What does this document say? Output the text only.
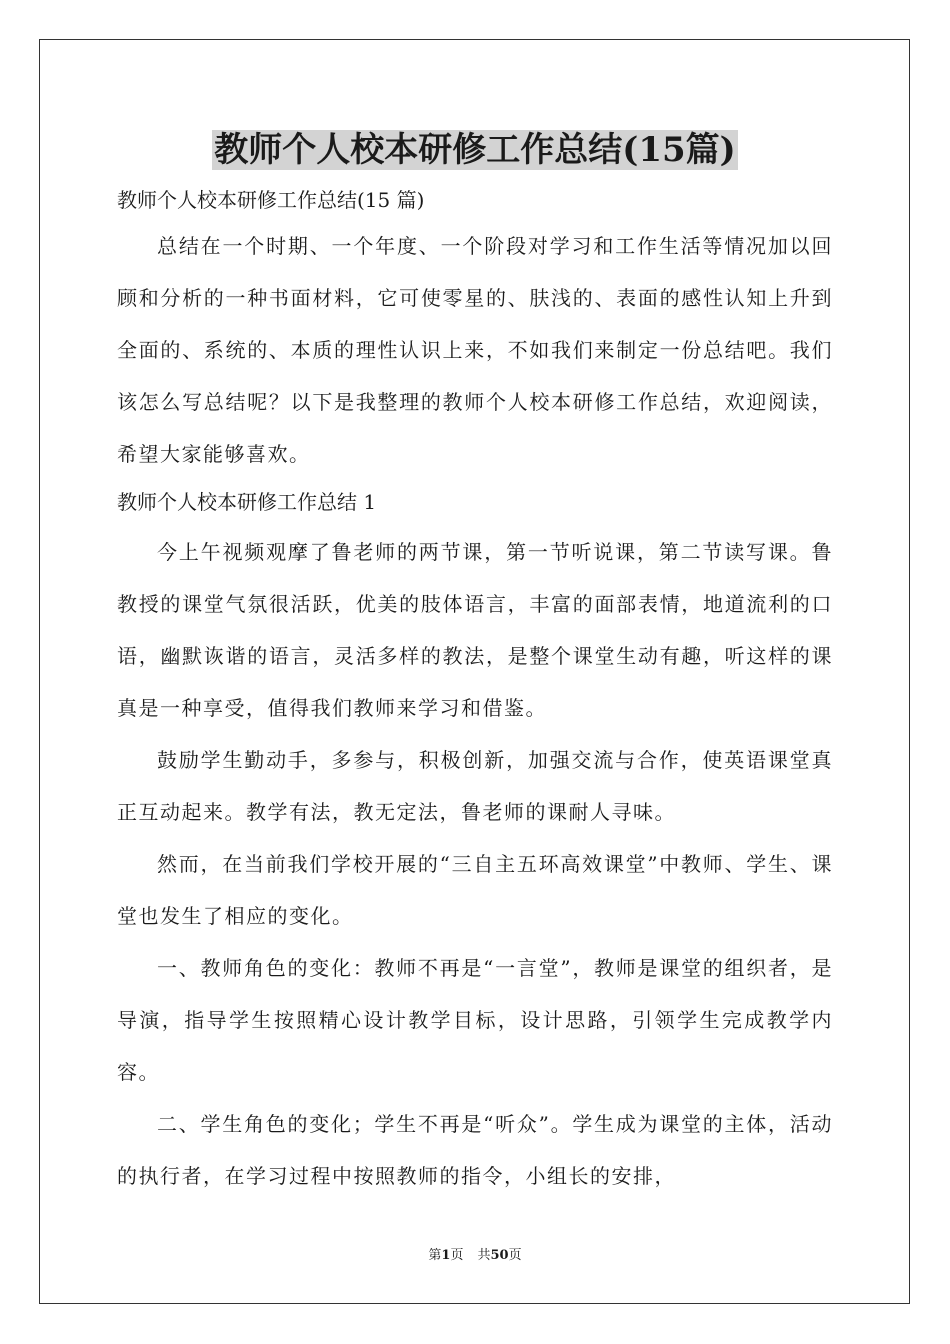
教师个人校本研修工作总结(15篇)

教师个人校本研修工作总结(15 篇)

总结在一个时期、一个年度、一个阶段对学习和工作生活等情况加以回顾和分析的一种书面材料，它可使零星的、肤浅的、表面的感性认知上升到全面的、系统的、本质的理性认识上来，不如我们来制定一份总结吧。我们该怎么写总结呢？以下是我整理的教师个人校本研修工作总结，欢迎阅读，希望大家能够喜欢。

教师个人校本研修工作总结 1

今上午视频观摩了鲁老师的两节课，第一节听说课，第二节读写课。鲁教授的课堂气氛很活跃，优美的肢体语言，丰富的面部表情，地道流利的口语，幽默诙谐的语言，灵活多样的教法，是整个课堂生动有趣，听这样的课真是一种享受，值得我们教师来学习和借鉴。

鼓励学生勤动手，多参与，积极创新，加强交流与合作，使英语课堂真正互动起来。教学有法，教无定法，鲁老师的课耐人寻味。

然而，在当前我们学校开展的“三自主五环高效课堂”中教师、学生、课堂也发生了相应的变化。

一、教师角色的变化：教师不再是“一言堂”，教师是课堂的组织者，是导演，指导学生按照精心设计教学目标，设计思路，引领学生完成教学内容。

二、学生角色的变化；学生不再是“听众”。学生成为课堂的主体，活动的执行者，在学习过程中按照教师的指令，小组长的安排，

第1页 共50页
